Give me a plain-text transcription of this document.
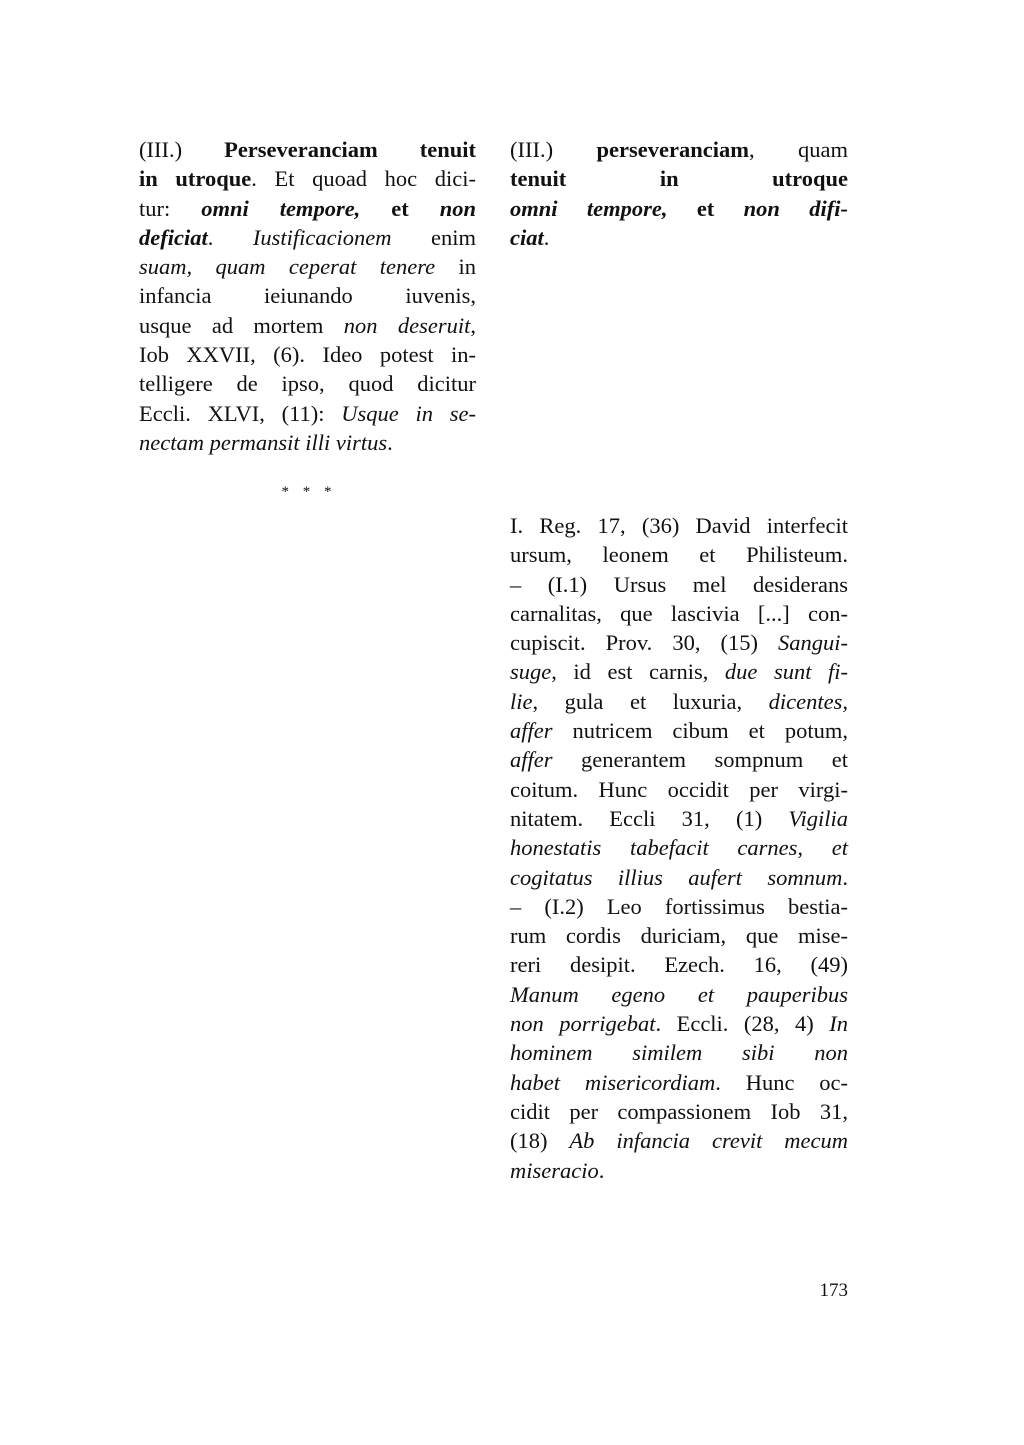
(III.) Perseveranciam tenuit
in utroque. Et quoad hoc dici-
tur: omni tempore, et non
deficiat. Iustificacionem enim
suam, quam ceperat tenere in
infancia ieiunando iuvenis,
usque ad mortem non deseruit,
Iob XXVII, (6). Ideo potest in-
telligere de ipso, quod dicitur
Eccli. XLVI, (11): Usque in se-
nectam permansit illi virtus.
(III.) perseveranciam, quam
tenuit in utroque
omni tempore, et non difi-
ciat.
* * *
I. Reg. 17, (36) David interfecit
ursum, leonem et Philisteum.
– (I.1) Ursus mel desiderans
carnalitas, que lascivia [...] con-
cupiscit. Prov. 30, (15) Sangui-
suge, id est carnis, due sunt fi-
lie, gula et luxuria, dicentes,
affer nutricem cibum et potum,
affer generantem sompnum et
coitum. Hunc occidit per virgi-
nitatem. Eccli 31, (1) Vigilia
honestatis tabefacit carnes, et
cogitatus illius aufert somnum.
– (I.2) Leo fortissimus bestia-
rum cordis duriciam, que mise-
reri desipit. Ezech. 16, (49)
Manum egeno et pauperibus
non porrigebat. Eccli. (28, 4) In
hominem similem sibi non
habet misericordiam. Hunc oc-
cidit per compassionem Iob 31,
(18) Ab infancia crevit mecum
miseracio.
173
